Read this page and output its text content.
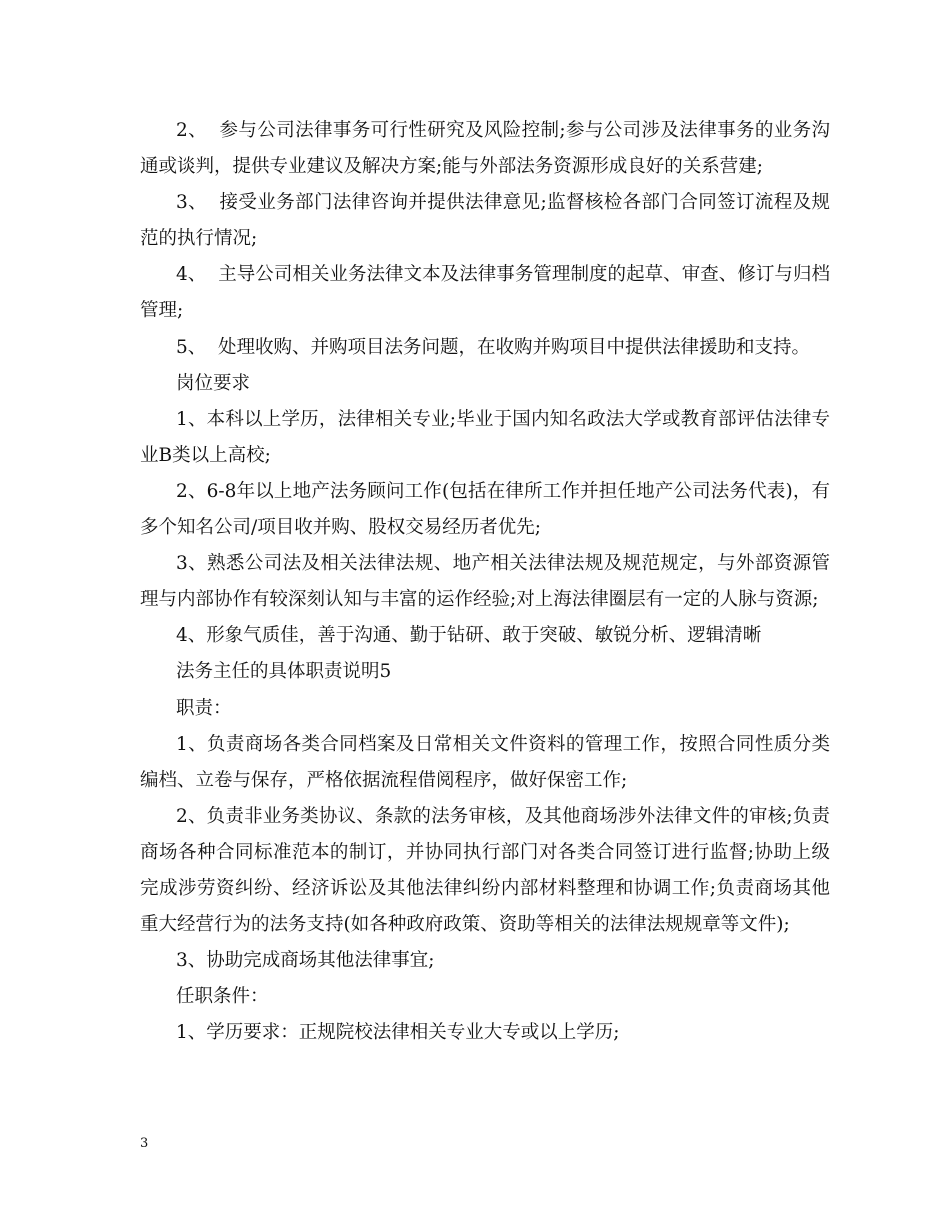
2、  参与公司法律事务可行性研究及风险控制;参与公司涉及法律事务的业务沟通或谈判，提供专业建议及解决方案;能与外部法务资源形成良好的关系营建;

3、  接受业务部门法律咨询并提供法律意见;监督核检各部门合同签订流程及规范的执行情况;

4、  主导公司相关业务法律文本及法律事务管理制度的起草、审查、修订与归档管理;

5、  处理收购、并购项目法务问题，在收购并购项目中提供法律援助和支持。

岗位要求

1、本科以上学历，法律相关专业;毕业于国内知名政法大学或教育部评估法律专业B类以上高校;

2、6-8年以上地产法务顾问工作(包括在律所工作并担任地产公司法务代表)，有多个知名公司/项目收并购、股权交易经历者优先;

3、熟悉公司法及相关法律法规、地产相关法律法规及规范规定，与外部资源管理与内部协作有较深刻认知与丰富的运作经验;对上海法律圈层有一定的人脉与资源;

4、形象气质佳，善于沟通、勤于钻研、敢于突破、敏锐分析、逻辑清晰

法务主任的具体职责说明5

职责：

1、负责商场各类合同档案及日常相关文件资料的管理工作，按照合同性质分类编档、立卷与保存，严格依据流程借阅程序，做好保密工作;

2、负责非业务类协议、条款的法务审核，及其他商场涉外法律文件的审核;负责商场各种合同标准范本的制订，并协同执行部门对各类合同签订进行监督;协助上级完成涉劳资纠纷、经济诉讼及其他法律纠纷内部材料整理和协调工作;负责商场其他重大经营行为的法务支持(如各种政府政策、资助等相关的法律法规规章等文件);

3、协助完成商场其他法律事宜;

任职条件：

1、学历要求：正规院校法律相关专业大专或以上学历;

3
